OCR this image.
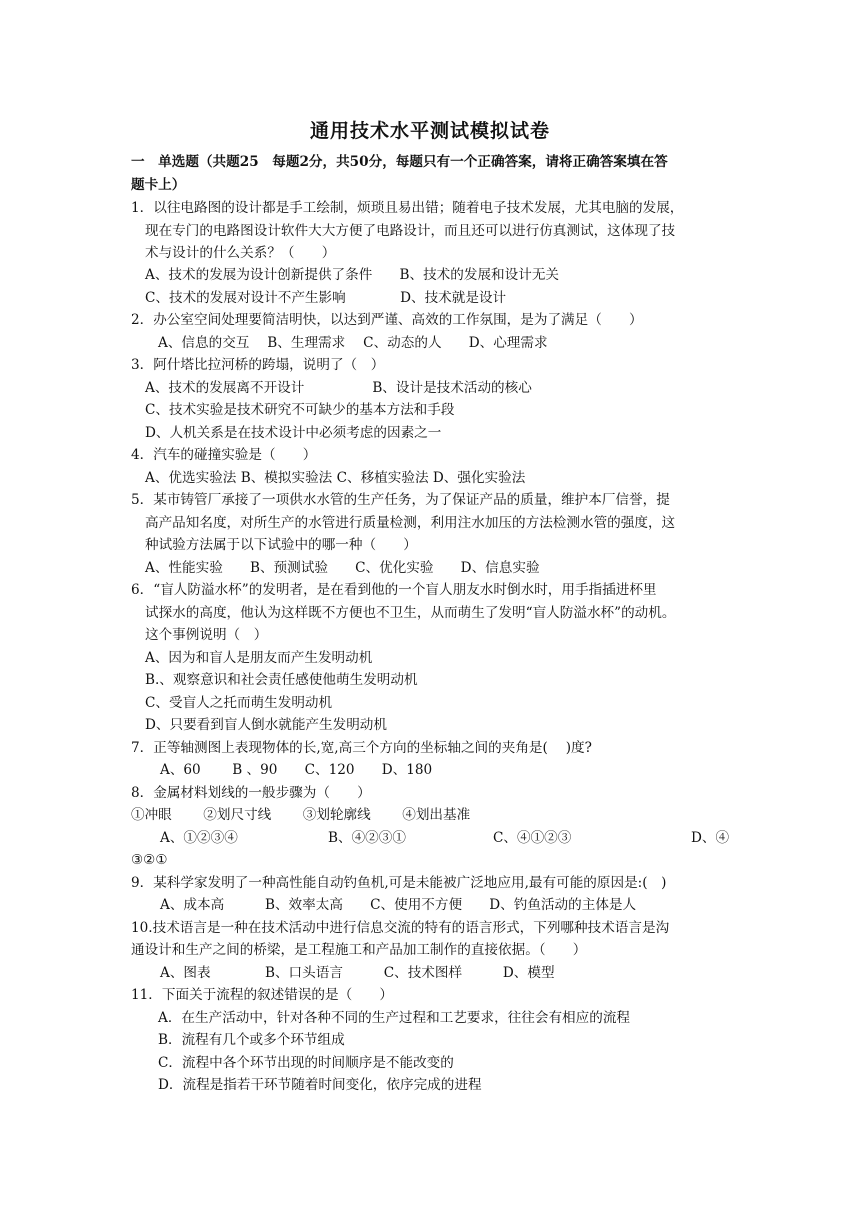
通用技术水平测试模拟试卷
一　单选题（共题25　每题2分，共50分，每题只有一个正确答案，请将正确答案填在答
题卡上）
1．以往电路图的设计都是手工绘制，烦琐且易出错；随着电子技术发展，尤其电脑的发展，
现在专门的电路图设计软件大大方便了电路设计，而且还可以进行仿真测试，这体现了技
术与设计的什么关系？（　　）
A、技术的发展为设计创新提供了条件　　B、技术的发展和设计无关
C、技术的发展对设计不产生影响　　　　D、技术就是设计
2．办公室空间处理要简洁明快，以达到严谨、高效的工作氛围，是为了满足（　　）
A、信息的交互　 B、生理需求　 C、动态的人　　D、心理需求
3．阿什塔比拉河桥的跨塌，说明了（　）
A、技术的发展离不开设计　　　　　B、设计是技术活动的核心
C、技术实验是技术研究不可缺少的基本方法和手段
D、人机关系是在技术设计中必须考虑的因素之一
4．汽车的碰撞实验是（　　）
A、优选实验法 B、模拟实验法 C、移植实验法 D、强化实验法
5．某市铸管厂承接了一项供水水管的生产任务，为了保证产品的质量，维护本厂信誉，提
高产品知名度，对所生产的水管进行质量检测，利用注水加压的方法检测水管的强度，这
种试验方法属于以下试验中的哪一种（　　）
A、性能实验　　B、预测试验　　C、优化实验　　D、信息实验
6．“盲人防溢水杯”的发明者，是在看到他的一个盲人朋友水时倒水时，用手指插进杯里
试探水的高度，他认为这样既不方便也不卫生，从而萌生了发明“盲人防溢水杯”的动机。
这个事例说明（　）
A、因为和盲人是朋友而产生发明动机
B.、观察意识和社会责任感使他萌生发明动机
C、受盲人之托而萌生发明动机
D、只要看到盲人倒水就能产生发明动机
7．正等轴测图上表现物体的长,宽,高三个方向的坐标轴之间的夹角是(　 )度?
A、60　　 B 、90　　C、120　　D、180
8．金属材料划线的一般步骤为（　　）
①冲眼　　 ②划尺寸线　　 ③划轮廓线　　 ④划出基准
A、①②③④	B、④②③①	C、④①②③	D、④
③②①
9．某科学家发明了一种高性能自动钓鱼机,可是未能被广泛地应用,最有可能的原因是:(　)
A、成本高　　　B、效率太高　　C、使用不方便　　D、钓鱼活动的主体是人
10.技术语言是一种在技术活动中进行信息交流的特有的语言形式，下列哪种技术语言是沟
通设计和生产之间的桥梁，是工程施工和产品加工制作的直接依据。（　　）
A、图表　　　　B、口头语言　　　C、技术图样　　　D、模型
11．下面关于流程的叙述错误的是（　　）
A．在生产活动中，针对各种不同的生产过程和工艺要求，往往会有相应的流程
B．流程有几个或多个环节组成
C．流程中各个环节出现的时间顺序是不能改变的
D．流程是指若干环节随着时间变化，依序完成的进程
